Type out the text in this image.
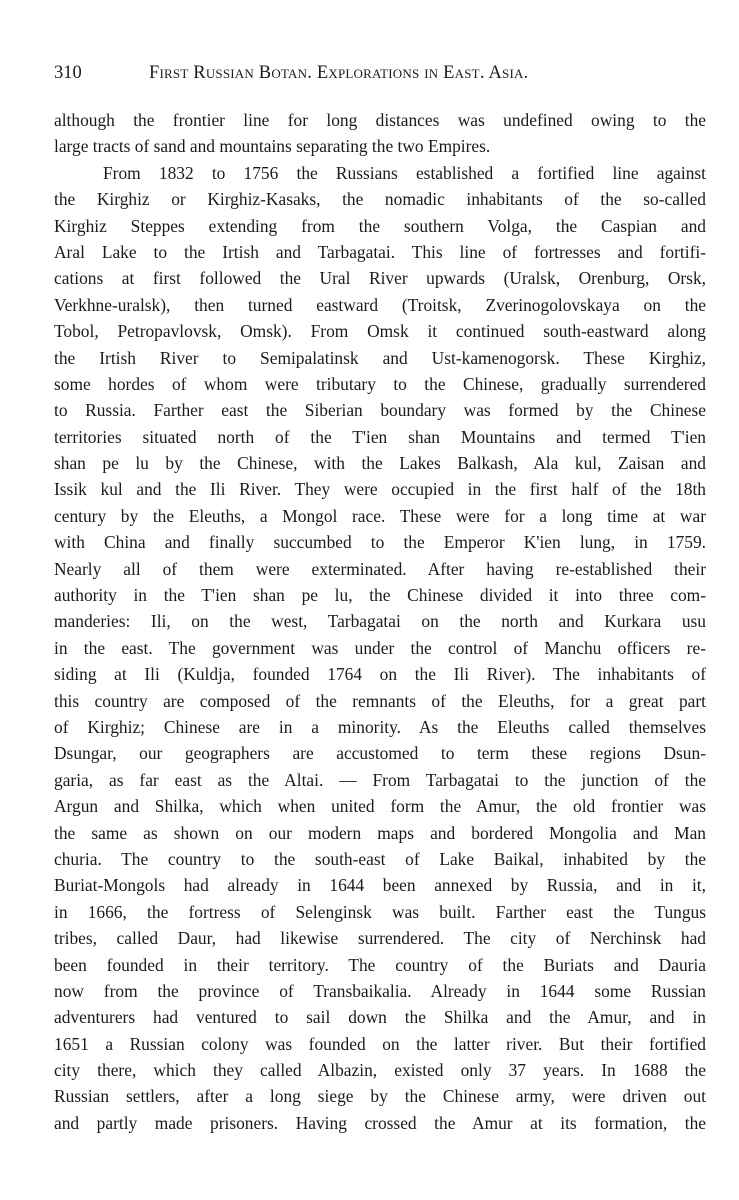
310	First Russian Botan. Explorations in East. Asia.
although the frontier line for long distances was undefined owing to the
large tracts of sand and mountains separating the two Empires.
From 1832 to 1756 the Russians established a fortified line against
the Kirghiz or Kirghiz-Kasaks, the nomadic inhabitants of the so-called
Kirghiz Steppes extending from the southern Volga, the Caspian and
Aral Lake to the Irtish and Tarbagatai. This line of fortresses and fortifi-
cations at first followed the Ural River upwards (Uralsk, Orenburg, Orsk,
Verkhne-uralsk), then turned eastward (Troitsk, Zverinogolovskaya on the
Tobol, Petropavlovsk, Omsk). From Omsk it continued south-eastward along
the Irtish River to Semipalatinsk and Ust-kamenogorsk. These Kirghiz,
some hordes of whom were tributary to the Chinese, gradually surrendered
to Russia. Farther east the Siberian boundary was formed by the Chinese
territories situated north of the T'ien shan Mountains and termed T'ien
shan pe lu by the Chinese, with the Lakes Balkash, Ala kul, Zaisan and
Issik kul and the Ili River. They were occupied in the first half of the 18th
century by the Eleuths, a Mongol race. These were for a long time at war
with China and finally succumbed to the Emperor K'ien lung, in 1759.
Nearly all of them were exterminated. After having re-established their
authority in the T'ien shan pe lu, the Chinese divided it into three com-
manderies: Ili, on the west, Tarbagatai on the north and Kurkara usu
in the east. The government was under the control of Manchu officers re-
siding at Ili (Kuldja, founded 1764 on the Ili River). The inhabitants of
this country are composed of the remnants of the Eleuths, for a great part
of Kirghiz; Chinese are in a minority. As the Eleuths called themselves
Dsungar, our geographers are accustomed to term these regions Dsun-
garia, as far east as the Altai. — From Tarbagatai to the junction of the
Argun and Shilka, which when united form the Amur, the old frontier was
the same as shown on our modern maps and bordered Mongolia and Man
churia. The country to the south-east of Lake Baikal, inhabited by the
Buriat-Mongols had already in 1644 been annexed by Russia, and in it,
in 1666, the fortress of Selenginsk was built. Farther east the Tungus
tribes, called Daur, had likewise surrendered. The city of Nerchinsk had
been founded in their territory. The country of the Buriats and Dauria
now from the province of Transbaikalia. Already in 1644 some Russian
adventurers had ventured to sail down the Shilka and the Amur, and in
1651 a Russian colony was founded on the latter river. But their fortified
city there, which they called Albazin, existed only 37 years. In 1688 the
Russian settlers, after a long siege by the Chinese army, were driven out
and partly made prisoners. Having crossed the Amur at its formation, the
